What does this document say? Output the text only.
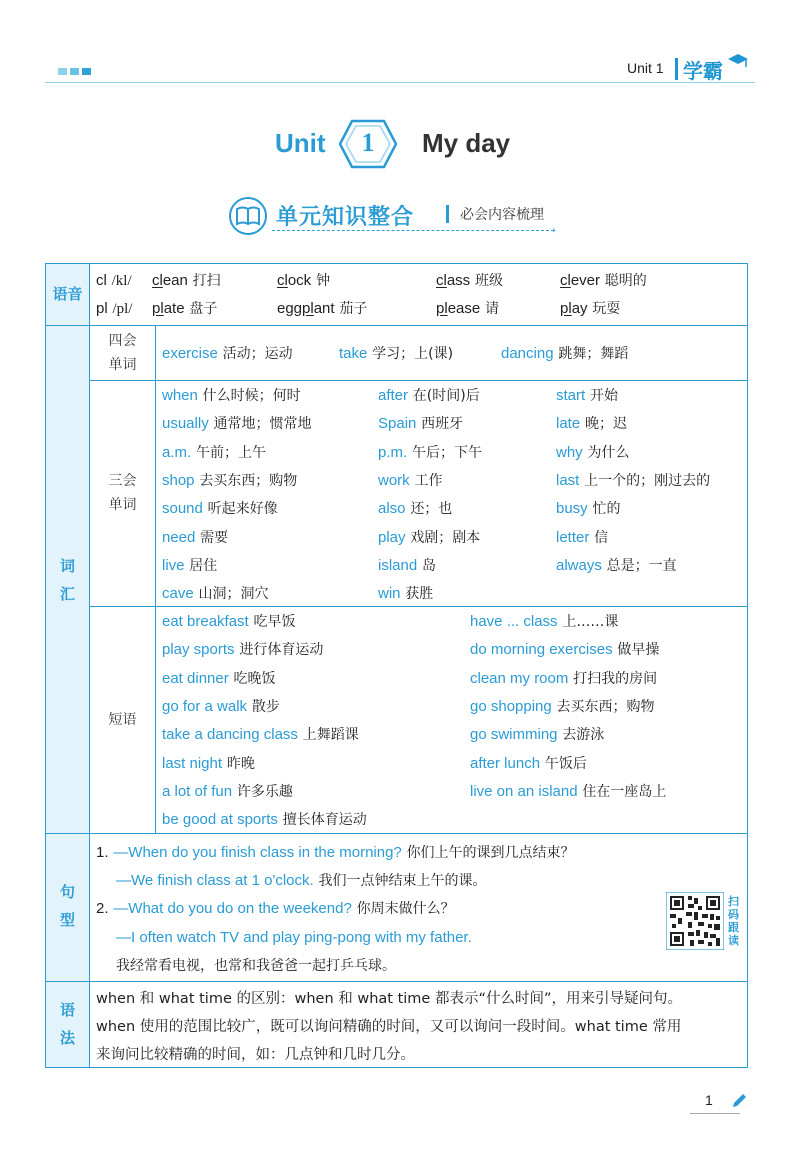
Unit 1 学霸
Unit	1	My day
单元知识整合	必会内容梳理
›
语音
词
汇
句
型
语
法
cl /kl/ clean 打扫	clock 钟	class 班级	clever 聪明的
pl /pl/ plate 盘子	eggplant 茄子	please 请	play 玩耍
四会
单词
exercise 活动；运动	take 学习；上(课)	dancing 跳舞；舞蹈
三会
单词
when 什么时候；何时	after 在(时间)后	start 开始
usually 通常地；惯常地	Spain 西班牙	late 晚；迟
a.m. 午前；上午	p.m. 午后；下午	why 为什么
shop 去买东西；购物	work 工作	last 上一个的；刚过去的
sound 听起来好像	also 还；也	busy 忙的
need 需要	play 戏剧；剧本	letter 信
live 居住	island 岛	always 总是；一直
cave 山洞；洞穴	win 获胜
短语
eat breakfast 吃早饭	have ... class 上……课
play sports 进行体育运动	do morning exercises 做早操
eat dinner 吃晚饭	clean my room 打扫我的房间
go for a walk 散步	go shopping 去买东西；购物
take a dancing class 上舞蹈课	go swimming 去游泳
last night 昨晚	after lunch 午饭后
a lot of fun 许多乐趣	live on an island 住在一座岛上
be good at sports 擅长体育运动
1. —When do you finish class in the morning? 你们上午的课到几点结束？
—We finish class at 1 o'clock. 我们一点钟结束上午的课。
2. —What do you do on the weekend? 你周末做什么？
—I often watch TV and play ping-pong with my father.
我经常看电视，也常和我爸爸一起打乒乓球。
扫
码
跟
读
when 和 what time 的区别：when 和 what time 都表示“什么时间”，用来引导疑问句。
when 使用的范围比较广，既可以询问精确的时间，又可以询问一段时间。what time 常用
来询问比较精确的时间，如：几点钟和几时几分。
1
